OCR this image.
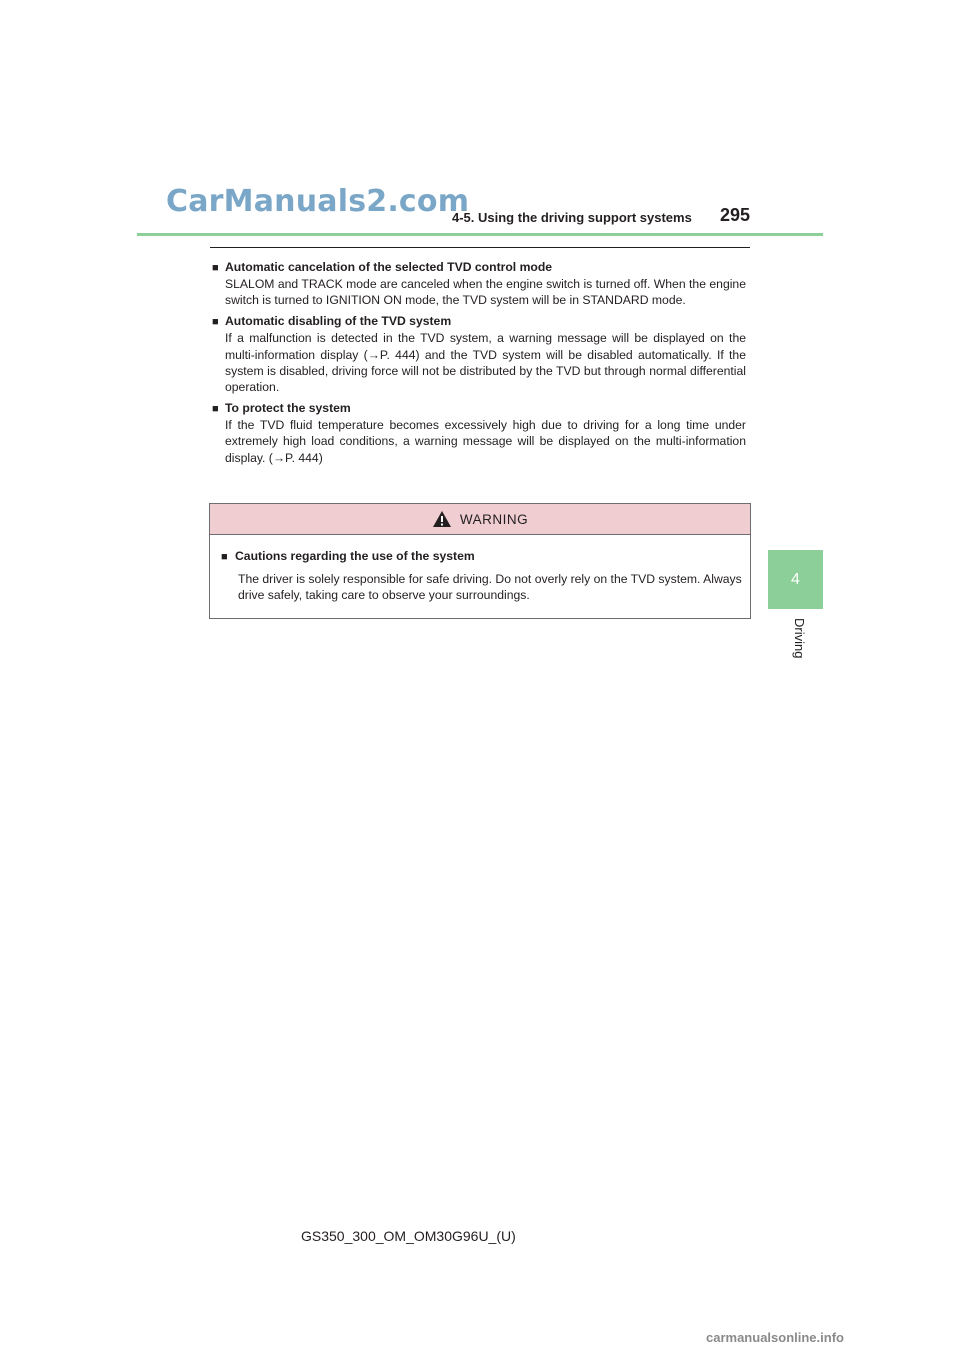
CarManuals2.com
4-5. Using the driving support systems 295
4
Driving
■ Automatic cancelation of the selected TVD control mode
SLALOM and TRACK mode are canceled when the engine switch is turned off. When the engine switch is turned to IGNITION ON mode, the TVD system will be in STANDARD mode.
■ Automatic disabling of the TVD system
If a malfunction is detected in the TVD system, a warning message will be displayed on the multi-information display (→P. 444) and the TVD system will be disabled automatically. If the system is disabled, driving force will not be distributed by the TVD but through normal differential operation.
■ To protect the system
If the TVD fluid temperature becomes excessively high due to driving for a long time under extremely high load conditions, a warning message will be displayed on the multi-information display. (→P. 444)
WARNING
■ Cautions regarding the use of the system
The driver is solely responsible for safe driving. Do not overly rely on the TVD system. Always drive safely, taking care to observe your surroundings.
GS350_300_OM_OM30G96U_(U)
carmanualsonline.info
